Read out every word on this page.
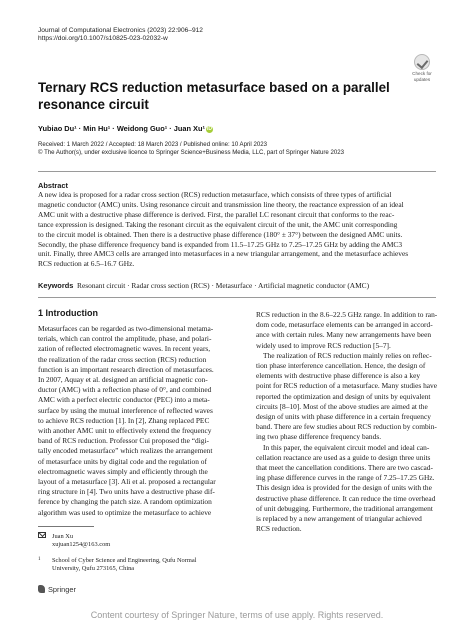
Journal of Computational Electronics (2023) 22:906–912
https://doi.org/10.1007/s10825-023-02032-w
Check for
updates
Ternary RCS reduction metasurface based on a parallel resonance circuit
Yubiao Du¹ · Min Hu¹ · Weidong Guo¹ · Juan Xu¹ iD
Received: 1 March 2022 / Accepted: 18 March 2023 / Published online: 10 April 2023
© The Author(s), under exclusive licence to Springer Science+Business Media, LLC, part of Springer Nature 2023
Abstract
A new idea is proposed for a radar cross section (RCS) reduction metasurface, which consists of three types of artificial
magnetic conductor (AMC) units. Using resonance circuit and transmission line theory, the reactance expression of an ideal
AMC unit with a destructive phase difference is derived. First, the parallel LC resonant circuit that conforms to the reac-
tance expression is designed. Taking the resonant circuit as the equivalent circuit of the unit, the AMC unit corresponding
to the circuit model is obtained. Then there is a destructive phase difference (180° ± 37°) between the designed AMC units.
Secondly, the phase difference frequency band is expanded from 11.5–17.25 GHz to 7.25–17.25 GHz by adding the AMC3
unit. Finally, three AMC3 cells are arranged into metasurfaces in a new triangular arrangement, and the metasurface achieves
RCS reduction at 6.5–16.7 GHz.
Keywords Resonant circuit · Radar cross section (RCS) · Metasurface · Artificial magnetic conductor (AMC)
1 Introduction
Metasurfaces can be regarded as two-dimensional metama-
terials, which can control the amplitude, phase, and polari-
zation of reflected electromagnetic waves. In recent years,
the realization of the radar cross section (RCS) reduction
function is an important research direction of metasurfaces.
In 2007, Aquay et al. designed an artificial magnetic con-
ductor (AMC) with a reflection phase of 0°, and combined
AMC with a perfect electric conductor (PEC) into a meta-
surface by using the mutual interference of reflected waves
to achieve RCS reduction [1]. In [2], Zhang replaced PEC
with another AMC unit to effectively extend the frequency
band of RCS reduction. Professor Cui proposed the “digi-
tally encoded metasurface” which realizes the arrangement
of metasurface units by digital code and the regulation of
electromagnetic waves simply and efficiently through the
layout of a metasurface [3]. Ali et al. proposed a rectangular
ring structure in [4]. Two units have a destructive phase dif-
ference by changing the patch size. A random optimization
algorithm was used to optimize the metasurface to achieve
RCS reduction in the 8.6–22.5 GHz range. In addition to ran-
dom code, metasurface elements can be arranged in accord-
ance with certain rules. Many new arrangements have been
widely used to improve RCS reduction [5–7].
The realization of RCS reduction mainly relies on reflec-
tion phase interference cancellation. Hence, the design of
elements with destructive phase difference is also a key
point for RCS reduction of a metasurface. Many studies have
reported the optimization and design of units by equivalent
circuits [8–10]. Most of the above studies are aimed at the
design of units with phase difference in a certain frequency
band. There are few studies about RCS reduction by combin-
ing two phase difference frequency bands.
In this paper, the equivalent circuit model and ideal can-
cellation reactance are used as a guide to design three units
that meet the cancellation conditions. There are two cascad-
ing phase difference curves in the range of 7.25–17.25 GHz.
This design idea is provided for the design of units with the
destructive phase difference. It can reduce the time overhead
of unit debugging. Furthermore, the traditional arrangement
is replaced by a new arrangement of triangular achieved
RCS reduction.
Juan Xu
xujuan1254@163.com
1 School of Cyber Science and Engineering, Qufu Normal
University, Qufu 273165, China
Springer
Content courtesy of Springer Nature, terms of use apply. Rights reserved.
